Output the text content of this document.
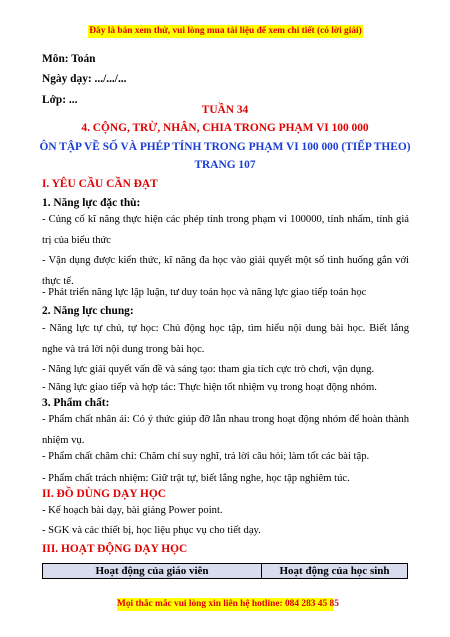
Đây là bản xem thử, vui lòng mua tài liệu để xem chi tiết (có lời giải)
Môn: Toán
Ngày dạy: .../.../...
Lớp: ...
TUẦN 34
4. CỘNG, TRỪ, NHÂN, CHIA TRONG PHẠM VI 100 000
ÔN TẬP VỀ SỐ VÀ PHÉP TÍNH TRONG PHẠM VI 100 000 (TIẾP THEO)
TRANG 107
I. YÊU CẦU CẦN ĐẠT
1. Năng lực đặc thù:
- Củng cố kĩ năng thực hiện các phép tính trong phạm vi 100000, tính nhẩm, tính giá trị của biểu thức
- Vận dụng được kiến thức, kĩ năng đa học vào giải quyết một số tình huống gắn với thực tế.
- Phát triển năng lực lập luận, tư duy toán học và năng lực giao tiếp toán học
2. Năng lực chung:
- Năng lực tự chủ, tự học: Chủ động học tập, tìm hiểu nội dung bài học. Biết lắng nghe và trả lời nội dung trong bài học.
- Năng lực giải quyết vấn đề và sáng tạo: tham gia tích cực trò chơi, vận dụng.
- Năng lực giao tiếp và hợp tác: Thực hiện tốt nhiệm vụ trong hoạt động nhóm.
3. Phẩm chất:
- Phẩm chất nhân ái: Có ý thức giúp đỡ lẫn nhau trong hoạt động nhóm để hoàn thành nhiệm vụ.
- Phẩm chất chăm chỉ: Chăm chỉ suy nghĩ, trả lời câu hỏi; làm tốt các bài tập.
- Phẩm chất trách nhiệm: Giữ trật tự, biết lắng nghe, học tập nghiêm túc.
II. ĐỒ DÙNG DẠY HỌC
- Kế hoạch bài dạy, bài giảng Power point.
- SGK và các thiết bị, học liệu phục vụ cho tiết dạy.
III. HOẠT ĐỘNG DẠY HỌC
Hoạt động của giáo viên	Hoạt động của học sinh
Mọi thắc mắc vui lòng xin liên hệ hotline: 084 283 45 85
